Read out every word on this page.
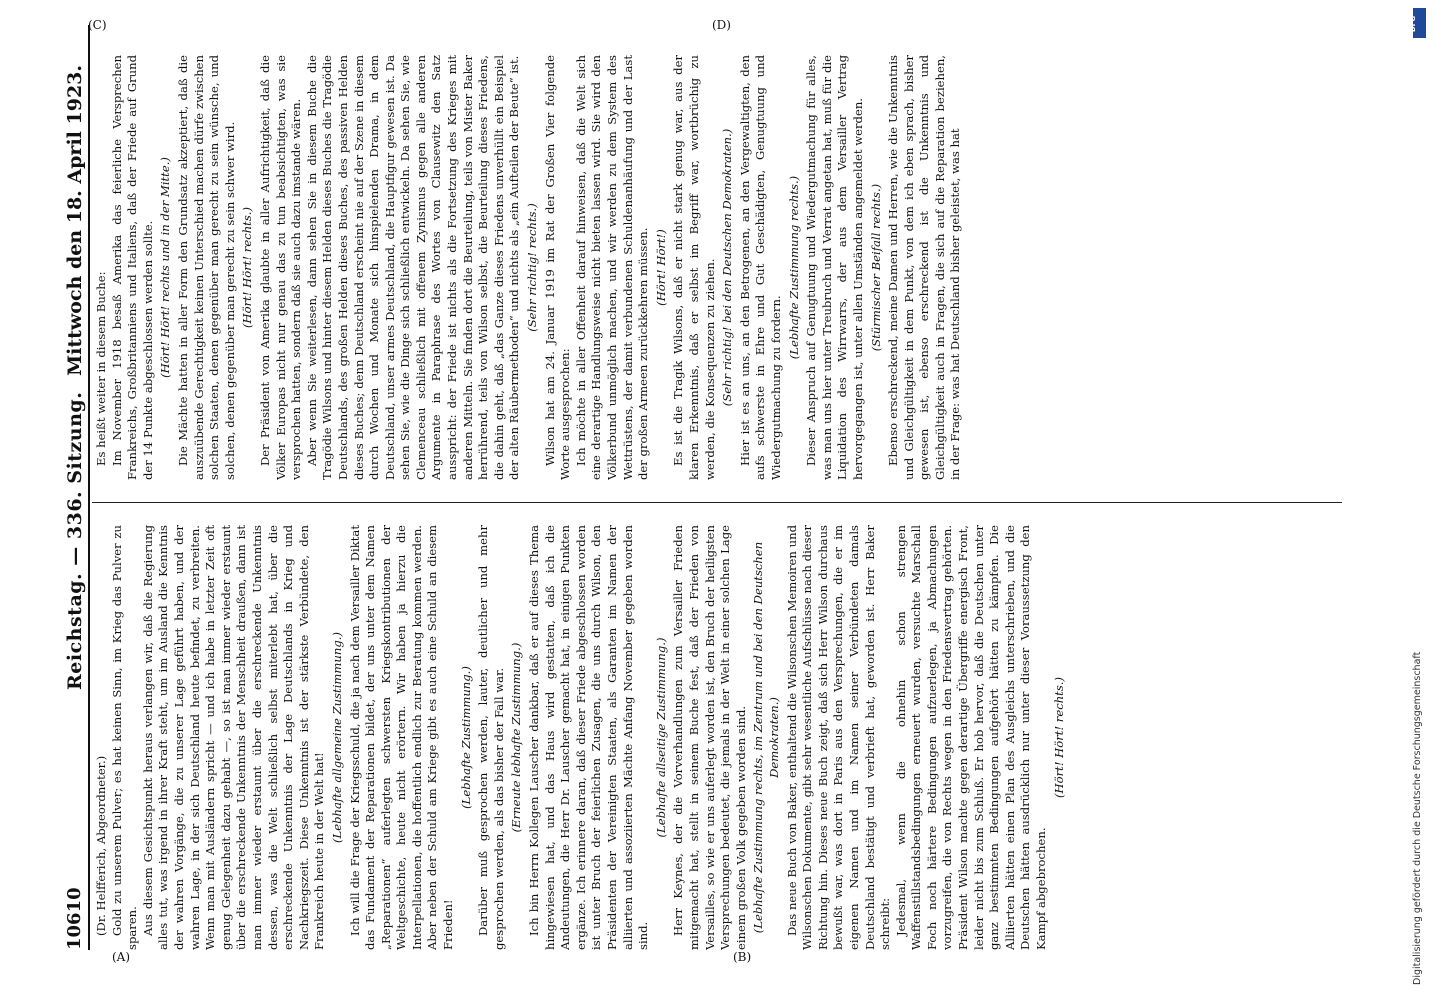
10610
Reichstag. — 336. Sitzung.
Mittwoch den 18. April 1923.

(Dr. Helfferich, Abgeordneter.) Gold zu unserem Pulver; es hat keinen Sinn, im Krieg das Pulver zu sparen. Aus diesem Gesichtspunkt heraus verlangen wir, daß die Regierung alles tut, was irgend in ihrer Kraft steht, um im Ausland die Kenntnis der wahren Vorgänge, die zu unserer Lage geführt haben, und der wahren Lage, in der sich Deutschland heute befindet, zu verbreiten. Wenn man mit Ausländern spricht — und ich habe in letzter Zeit oft genug Gelegenheit dazu gehabt —, so ist man immer wieder erstaunt über die erschreckende Unkenntnis der Menschheit draußen, dann ist man immer wieder erstaunt über die erschreckende Unkenntnis dessen, was die Welt schließlich selbst miterlebt hat, über die erschreckende Unkenntnis der Lage Deutschlands in Krieg und Nachkriegszeit. Diese Unkenntnis ist der stärkste Verbündete, den Frankreich heute in der Welt hat!

(Lebhafte allgemeine Zustimmung.) Ich will die Frage der Kriegsschuld, die ja nach dem Versailler Diktat das Fundament der Reparationen bildet, der uns unter dem Namen „Reparationen“ auferlegten schwersten Kriegskontributionen der Weltgeschichte, heute nicht erörtern. Wir haben ja hierzu die Interpellationen, die hoffentlich endlich zur Beratung kommen werden. Aber neben der Schuld am Kriege gibt es auch eine Schuld an diesem Frieden!

(Lebhafte Zustimmung.) Darüber muß gesprochen werden, lauter, deutlicher und mehr gesprochen werden, als das bisher der Fall war. (Erneute lebhafte Zustimmung.) Ich bin Herrn Kollegen Lauscher dankbar, daß er auf dieses Thema hingewiesen hat, und das Haus wird gestatten, daß ich die Andeutungen, die Herr Dr. Lauscher gemacht hat, in einigen Punkten ergänze. Ich erinnere daran, daß dieser Friede abgeschlossen worden ist unter Bruch der feierlichen Zusagen, die uns durch Wilson, den Präsidenten der Vereinigten Staaten, als Garanten im Namen der alliierten und assoziierten Mächte Anfang November gegeben worden sind.

(Lebhafte allseitige Zustimmung.) Herr Keynes, der die Vorverhandlungen zum Versailler Frieden mitgemacht hat, stellt in seinem Buche fest, daß der Frieden von Versailles, so wie er uns auferlegt worden ist, den Bruch der heiligsten Versprechungen bedeutet, die jemals in der Welt in einer solchen Lage einem großen Volk gegeben worden sind. (Lebhafte Zustimmung rechts, im Zentrum und bei den Deutschen Demokraten.) Das neue Buch von Baker, enthaltend die Wilsonschen Memoiren und Wilsonschen Dokumente, gibt sehr wesentliche Aufschlüsse nach dieser Richtung hin. Dieses neue Buch zeigt, daß sich Herr Wilson durchaus bewußt war, was dort in Paris aus den Versprechungen, die er im eigenen Namen und im Namen seiner Verbündeten damals Deutschland bestätigt und verbrieft hat, geworden ist. Herr Baker schreibt: Jedesmal, wenn die ohnehin schon strengen Waffenstillstandsbedingungen erneuert wurden, versuchte Marschall Foch noch härtere Bedingungen aufzuerlegen, ja Abmachungen vorzugreifen, die von Rechts wegen in den Friedensvertrag gehörten. Präsident Wilson machte gegen derartige Übergriffe energisch Front, leider nicht bis zum Schluß. Er hob hervor, daß die Deutschen unter ganz bestimmten Bedingungen aufgehört hätten zu kämpfen. Die Alliierten hätten einen Plan des Ausgleichs unterschrieben, und die Deutschen hätten ausdrücklich nur unter dieser Voraussetzung den Kampf abgebrochen.

(Hört! Hört! rechts.)

Es heißt weiter in diesem Buche: Im November 1918 besaß Amerika das feierliche Versprechen Frankreichs, Großbritanniens und Italiens, daß der Friede auf Grund der 14 Punkte abgeschlossen werden sollte. (Hört! Hört! rechts und in der Mitte.) Die Mächte hatten in aller Form den Grundsatz akzeptiert, daß die auszuübende Gerechtigkeit keinen Unterschied machen dürfe zwischen solchen Staaten, denen gegenüber man gerecht zu sein wünsche, und solchen, denen gegenüber man gerecht zu sein schwer wird. (Hört! Hört! rechts.) Der Präsident von Amerika glaubte in aller Aufrichtigkeit, daß die Völker Europas nicht nur genau das zu tun beabsichtigten, was sie versprochen hatten, sondern daß sie auch dazu imstande wären. Aber wenn Sie weiterlesen, dann sehen Sie in diesem Buche die Tragödie Wilsons und hinter diesem Helden dieses Buches die Tragödie Deutschlands, des großen Helden dieses Buches, des passiven Helden dieses Buches; denn Deutschland erscheint nie auf der Szene in diesem durch Wochen und Monate sich hinspielenden Drama, in dem Deutschland, unser armes Deutschland, die Hauptfigur gewesen ist. Da sehen Sie, wie die Dinge sich schließlich entwickeln. Da sehen Sie, wie Clemenceau schließlich mit offenem Zynismus gegen alle anderen Argumente in Paraphrase des Wortes von Clausewitz den Satz ausspricht: der Friede ist nichts als die Fortsetzung des Krieges mit anderen Mitteln. Sie finden dort die Beurteilung, teils von Mister Baker herrührend, teils von Wilson selbst, die Beurteilung dieses Friedens, die dahin geht, daß „das Ganze dieses Friedens unverhüllt ein Beispiel der alten Räubermethoden“ und nichts als „ein Aufteilen der Beute“ ist. (Sehr richtig! rechts.) Wilson hat am 24. Januar 1919 im Rat der Großen Vier folgende Worte ausgesprochen: Ich möchte in aller Offenheit darauf hinweisen, daß die Welt sich eine derartige Handlungsweise nicht bieten lassen wird. Sie wird den Völkerbund unmöglich machen, und wir werden zu dem System des Wettrüstens, der damit verbundenen Schuldenanhäufung und der Last der großen Armeen zurückkehren müssen. (Hört! Hört!) Es ist die Tragik Wilsons, daß er nicht stark genug war, aus der klaren Erkenntnis, daß er selbst im Begriff war, wortbrüchig zu werden, die Konsequenzen zu ziehen. (Sehr richtig! bei den Deutschen Demokraten.) Hier ist es an uns, an den Betrogenen, an den Vergewaltigten, den aufs schwerste in Ehre und Gut Geschädigten, Genugtuung und Wiedergutmachung zu fordern.

(Lebhafte Zustimmung rechts.) Dieser Anspruch auf Genugtuung und Wiedergutmachung für alles, was man uns hier unter Treubruch und Verrat angetan hat, muß für die Liquidation des Wirrwarrs, der aus dem Versailler Vertrag hervorgegangen ist, unter allen Umständen angemeldet werden. (Stürmischer Beifall rechts.) Ebenso erschreckend, meine Damen und Herren, wie die Unkenntnis und Gleichgültigkeit in dem Punkt, von dem ich eben sprach, bisher gewesen ist, ebenso erschreckend ist die Unkenntnis und Gleichgültigkeit auch in Fragen, die sich auf die Reparation beziehen, in der Frage: was hat Deutschland bisher geleistet, was hat

(A)	(B)
(C)	(D)
Digitalisierung gefördert durch die Deutsche Forschungsgemeinschaft
DFG
